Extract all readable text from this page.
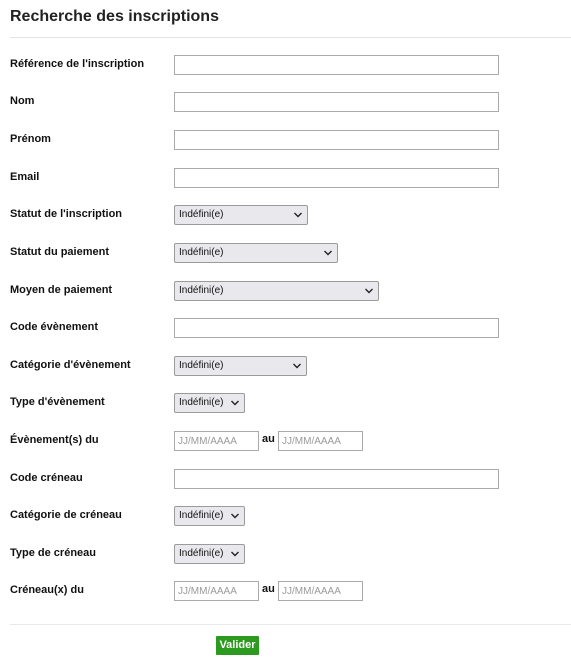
Recherche des inscriptions
Référence de l'inscription
Nom
Prénom
Email
Statut de l'inscription	Indéfini(e)
Statut du paiement	Indéfini(e)
Moyen de paiement	Indéfini(e)
Code évènement
Catégorie d'évènement	Indéfini(e)
Type d'évènement	Indéfini(e)
Évènement(s) du	JJ/MM/AAAA au JJ/MM/AAAA
Code créneau
Catégorie de créneau	Indéfini(e)
Type de créneau	Indéfini(e)
Créneau(x) du	JJ/MM/AAAA au JJ/MM/AAAA
Valider
